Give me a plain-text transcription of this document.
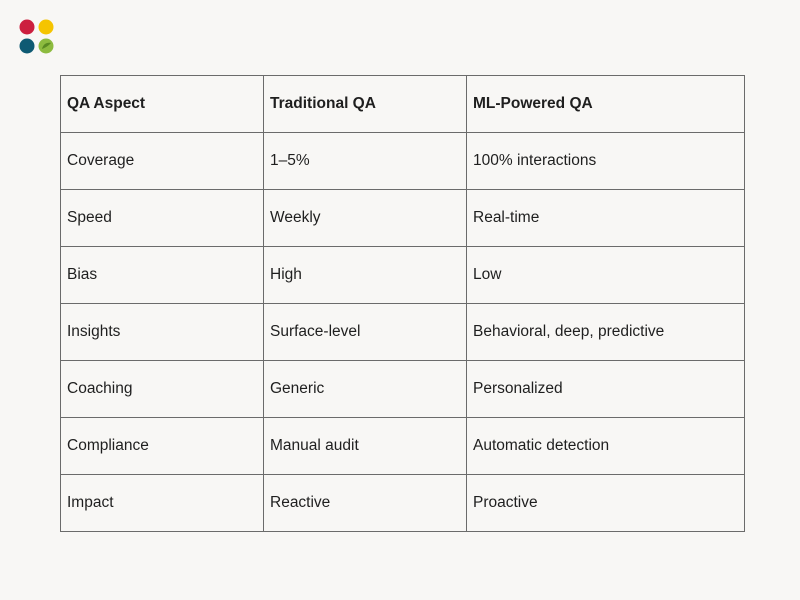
QA Aspect	Traditional QA	ML-Powered QA
Coverage	1–5%	100% interactions
Speed	Weekly	Real-time
Bias	High	Low
Insights	Surface-level	Behavioral, deep, predictive
Coaching	Generic	Personalized
Compliance	Manual audit	Automatic detection
Impact	Reactive	Proactive
